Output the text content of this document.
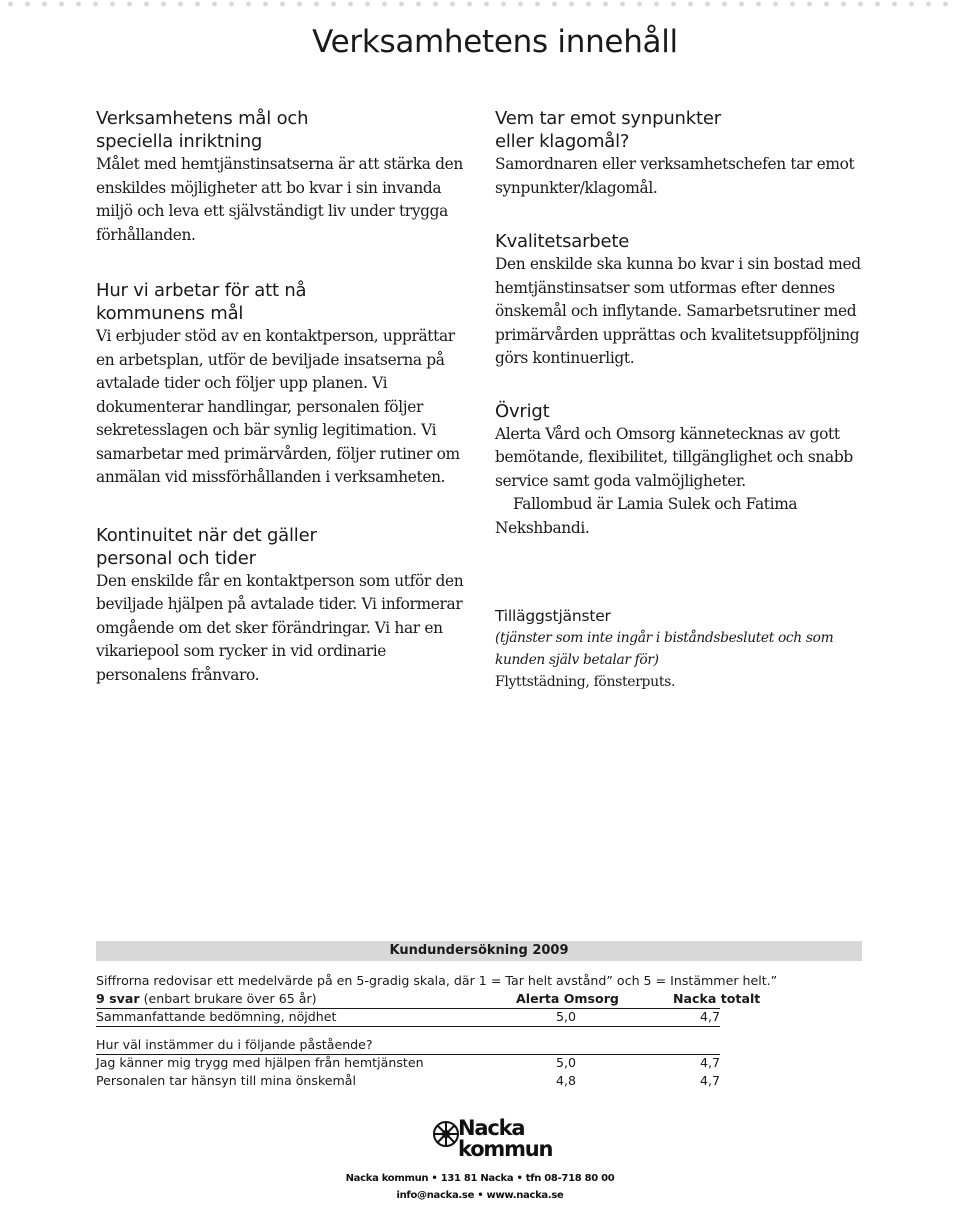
Verksamhetens innehåll
Verksamhetens mål och
speciella inriktning

Målet med hemtjänstinsatserna är att stärka den enskildes möjligheter att bo kvar i sin invanda miljö och leva ett självständigt liv under trygga förhållanden.

Hur vi arbetar för att nå
kommunens mål

Vi erbjuder stöd av en kontaktperson, upprättar en arbetsplan, utför de beviljade insatserna på avtalade tider och följer upp planen. Vi dokumenterar handlingar, personalen följer sekretesslagen och bär synlig legitimation. Vi samarbetar med primärvården, följer rutiner om anmälan vid missförhållanden i verksamheten.

Kontinuitet när det gäller
personal och tider

Den enskilde får en kontaktperson som utför den beviljade hjälpen på avtalade tider. Vi informerar omgående om det sker förändringar. Vi har en vikariepool som rycker in vid ordinarie personalens frånvaro.

Vem tar emot synpunkter
eller klagomål?

Samordnaren eller verksamhetschefen tar emot synpunkter/klagomål.

Kvalitetsarbete

Den enskilde ska kunna bo kvar i sin bostad med hemtjänstinsatser som utformas efter dennes önskemål och inflytande. Samarbetsrutiner med primärvården upprättas och kvalitetsuppföljning görs kontinuerligt.

Övrigt

Alerta Vård och Omsorg kännetecknas av gott bemötande, flexibilitet, tillgänglighet och snabb service samt goda valmöjligheter.

Fallombud är Lamia Sulek och Fatima Nekshbandi.

Tilläggstjänster

(tjänster som inte ingår i biståndsbeslutet och som kunden själv betalar för)

Flyttstädning, fönsterputs.

Kundundersökning 2009
Siffrorna redovisar ett medelvärde på en 5-gradig skala, där 1 = Tar helt avstånd” och 5 = Instämmer helt.”
9 svar (enbart brukare över 65 år)	Alerta Omsorg	Nacka totalt
Sammanfattande bedömning, nöjdhet	5,0	4,7
Hur väl instämmer du i följande påstående?
Jag känner mig trygg med hjälpen från hemtjänsten	5,0	4,7
Personalen tar hänsyn till mina önskemål	4,8	4,7
Nacka
kommun
Nacka kommun • 131 81 Nacka • tfn 08-718 80 00
info@nacka.se • www.nacka.se
